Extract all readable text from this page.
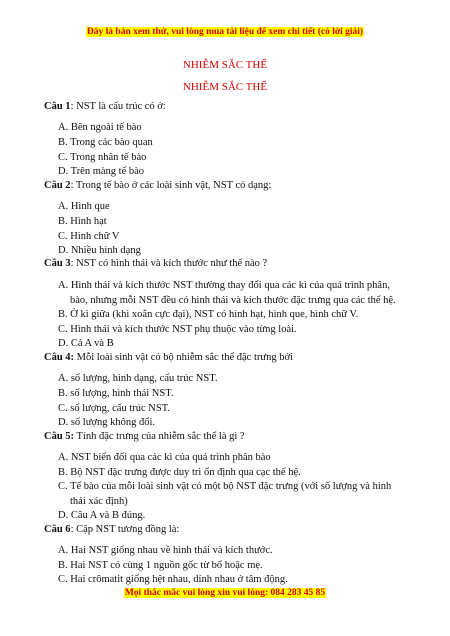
Đây là bản xem thử, vui lòng mua tài liệu để xem chi tiết (có lời giải)
NHIỄM SẮC THỂ
NHIỄM SẮC THỂ
Câu 1: NST là cấu trúc có ở:
A. Bên ngoài tế bào
B. Trong các bào quan
C. Trong nhân tế bào
D. Trên màng tế bào
Câu 2: Trong tế bào ở các loài sinh vật, NST có dạng:
A. Hình que
B. Hình hạt
C. Hình chữ V
D. Nhiều hình dạng
Câu 3: NST có hình thái và kích thước như thế nào ?
A. Hình thái và kích thước NST thường thay đổi qua các kì của quá trình phân,
bào, nhưng mỗi NST đều có hình thái và kích thước đặc trưng qua các thế hệ.
B. Ở kì giữa (khi xoắn cực đại), NST có hình hạt, hình que, hình chữ V.
C. Hình thái và kích thước NST phụ thuộc vào từng loài.
D. Cả A và B
Câu 4: Mỗi loài sinh vật có bộ nhiễm sắc thể đặc trưng bởi
A. số lượng, hình dạng, cấu trúc NST.
B. số lượng, hình thái NST.
C. số lượng, cấu trúc NST.
D. số lượng không đổi.
Câu 5: Tính đặc trưng của nhiễm sắc thể là gì ?
A. NST biến đổi qua các kì của quá trình phân bào
B. Bộ NST đặc trưng được duy trì ổn định qua cạc thế hệ.
C. Tế bào của mỗi loài sinh vật có một bộ NST đặc trưng (với số lượng và hình
thái xác định)
D. Câu A và B đúng.
Câu 6: Cặp NST tương đồng là:
A. Hai NST giống nhau về hình thái và kích thước.
B. Hai NST có cùng 1 nguồn gốc từ bố hoặc mẹ.
C. Hai crômatit giống hệt nhau, dính nhau ở tâm động.
Mọi thắc mắc vui lòng xin vui lòng: 084 283 45 85
